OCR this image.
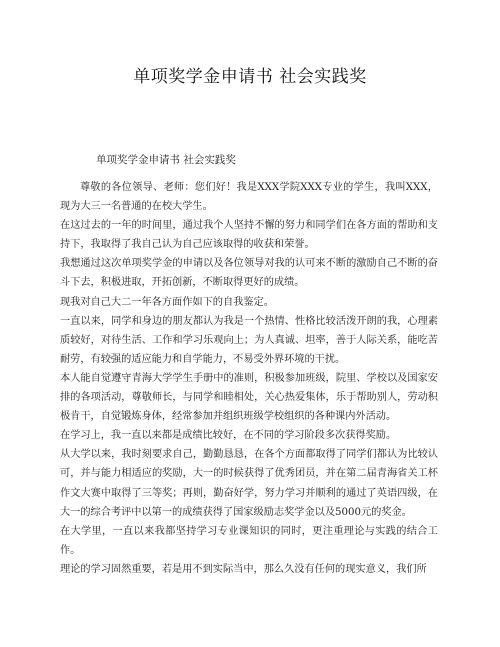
单项奖学金申请书 社会实践奖
单项奖学金申请书 社会实践奖

尊敬的各位领导、老师：您们好！我是XXX学院XXX专业的学生，我叫XXX，现为大三一名普通的在校大学生。

在这过去的一年的时间里，通过我个人坚持不懈的努力和同学们在各方面的帮助和支持下，我取得了我自己认为自己应该取得的收获和荣誉。

我想通过这次单项奖学金的申请以及各位领导对我的认可来不断的激励自己不断的奋斗下去，积极进取，开拓创新，不断取得更好的成绩。

现我对自己大二一年各方面作如下的自我鉴定。

一直以来，同学和身边的朋友都认为我是一个热情、性格比较活泼开朗的我，心理素质较好，对待生活、工作和学习乐观向上；为人真诚、坦率，善于人际关系，能吃苦耐劳，有较强的适应能力和自学能力，不易受外界环境的干扰。

本人能自觉遵守青海大学学生手册中的准则，积极参加班级，院里、学校以及国家安排的各项活动，尊敬师长，与同学和睦相处，关心热爱集体，乐于帮助别人，劳动积极肯干，自觉锻炼身体，经常参加并组织班级学校组织的各种课内外活动。

在学习上，我一直以来都是成绩比较好，在不同的学习阶段多次获得奖励。

从大学以来，我时刻要求自己，勤勤恳恳，在各个方面都取得了同学们都认为比较认可，并与能力相适应的奖励，大一的时候获得了优秀团员，并在第二届青海省关工杯作文大赛中取得了三等奖；再则，勤奋好学，努力学习并顺利的通过了英语四级，在大一的综合考评中以第一的成绩获得了国家级励志奖学金以及5000元的奖金。

在大学里，一直以来我都坚持学习专业课知识的同时，更注重理论与实践的结合工作。

理论的学习固然重要，若是用不到实际当中，那么久没有任何的现实意义，我们所
